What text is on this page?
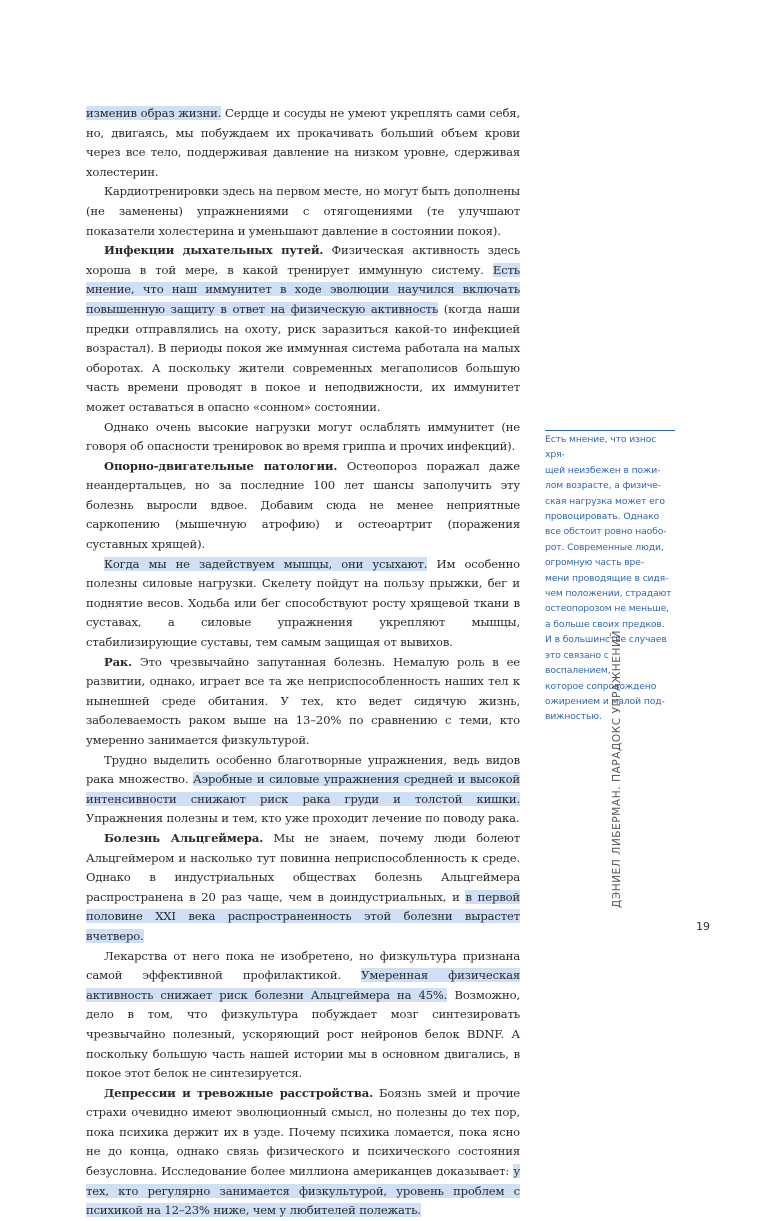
изменив образ жизни. Сердце и сосуды не умеют укреплять сами себя, но, двигаясь, мы побуждаем их прокачивать больший объем крови через все тело, поддерживая давление на низком уровне, сдерживая холестерин.

Кардиотренировки здесь на первом месте, но могут быть дополнены (не заменены) упражнениями с отягощениями (те улучшают показатели холестерина и уменьшают давление в состоянии покоя).

Инфекции дыхательных путей. Физическая активность здесь хороша в той мере, в какой тренирует иммунную систему. Есть мнение, что наш иммунитет в ходе эволюции научился включать повышенную защиту в ответ на физическую активность (когда наши предки отправлялись на охоту, риск заразиться какой-то инфекцией возрастал). В периоды покоя же иммунная система работала на малых оборотах. А поскольку жители современных мегаполисов большую часть времени проводят в покое и неподвижности, их иммунитет может оставаться в опасно «сонном» состоянии.

Однако очень высокие нагрузки могут ослаблять иммунитет (не говоря об опасности тренировок во время гриппа и прочих инфекций).

Опорно-двигательные патологии. Остеопороз поражал даже неандертальцев, но за последние 100 лет шансы заполучить эту болезнь выросли вдвое. Добавим сюда не менее неприятные саркопению (мышечную атрофию) и остеоартрит (поражения суставных хрящей).

Когда мы не задействуем мышцы, они усыхают. Им особенно полезны силовые нагрузки. Скелету пойдут на пользу прыжки, бег и поднятие весов. Ходьба или бег способствуют росту хрящевой ткани в суставах, а силовые упражнения укрепляют мышцы, стабилизирующие суставы, тем самым защищая от вывихов.

Рак. Это чрезвычайно запутанная болезнь. Немалую роль в ее развитии, однако, играет все та же неприспособленность наших тел к нынешней среде обитания. У тех, кто ведет сидячую жизнь, заболеваемость раком выше на 13–20% по сравнению с теми, кто умеренно занимается физкультурой.

Трудно выделить особенно благотворные упражнения, ведь видов рака множество. Аэробные и силовые упражнения средней и высокой интенсивности снижают риск рака груди и толстой кишки. Упражнения полезны и тем, кто уже проходит лечение по поводу рака.

Болезнь Альцгеймера. Мы не знаем, почему люди болеют Альцгеймером и насколько тут повинна неприспособленность к среде. Однако в индустриальных обществах болезнь Альцгеймера распространена в 20 раз чаще, чем в доиндустриальных, и в первой половине XXI века распространенность этой болезни вырастет вчетверо.

Лекарства от него пока не изобретено, но физкультура признана самой эффективной профилактикой. Умеренная физическая активность снижает риск болезни Альцгеймера на 45%. Возможно, дело в том, что физкультура побуждает мозг синтезировать чрезвычайно полезный, ускоряющий рост нейронов белок BDNF. А поскольку большую часть нашей истории мы в основном двигались, в покое этот белок не синтезируется.

Депрессии и тревожные расстройства. Боязнь змей и прочие страхи очевидно имеют эволюционный смысл, но полезны до тех пор, пока психика держит их в узде. Почему психика ломается, пока ясно не до конца, однако связь физического и психического состояния безусловна. Исследование более миллиона американцев доказывает: у тех, кто регулярно занимается физкультурой, уровень проблем с психикой на 12–23% ниже, чем у любителей полежать.

Есть мнение, что износ хря-
щей неизбежен в пожи-
лом возрасте, а физиче-
ская нагрузка может его
провоцировать. Однако
все обстоит ровно наобо-
рот. Современные люди,
огромную часть вре-
мени проводящие в сидя-
чем положении, страдают
остеопорозом не меньше,
а больше своих предков.
И в большинстве случаев
это связано с воспалением,
которое сопровождено
ожирением и малой под-
вижностью. ДЭНИЕЛ ЛИБЕРМАН. ПАРАДОКС УПРАЖНЕНИЙ
19
